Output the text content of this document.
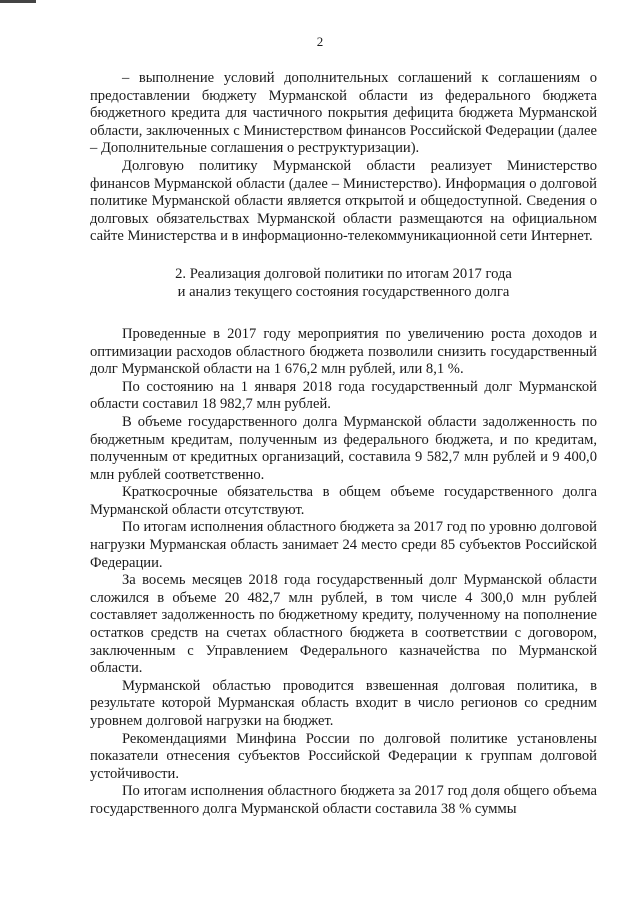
2

– выполнение условий дополнительных соглашений к соглашениям о предоставлении бюджету Мурманской области из федерального бюджета бюджетного кредита для частичного покрытия дефицита бюджета Мурманской области, заключенных с Министерством финансов Российской Федерации (далее – Дополнительные соглашения о реструктуризации).

Долговую политику Мурманской области реализует Министерство финансов Мурманской области (далее – Министерство). Информация о долговой политике Мурманской области является открытой и общедоступной. Сведения о долговых обязательствах Мурманской области размещаются на официальном сайте Министерства и в информационно-телекоммуникационной сети Интернет.

2. Реализация долговой политики по итогам 2017 года

и анализ текущего состояния государственного долга

Проведенные в 2017 году мероприятия по увеличению роста доходов и оптимизации расходов областного бюджета позволили снизить государственный долг Мурманской области на 1 676,2 млн рублей, или 8,1 %.

По состоянию на 1 января 2018 года государственный долг Мурманской области составил 18 982,7 млн рублей.

В объеме государственного долга Мурманской области задолженность по бюджетным кредитам, полученным из федерального бюджета, и по кредитам, полученным от кредитных организаций, составила 9 582,7 млн рублей и 9 400,0 млн рублей соответственно.

Краткосрочные обязательства в общем объеме государственного долга Мурманской области отсутствуют.

По итогам исполнения областного бюджета за 2017 год по уровню долговой нагрузки Мурманская область занимает 24 место среди 85 субъектов Российской Федерации.

За восемь месяцев 2018 года государственный долг Мурманской области сложился в объеме 20 482,7 млн рублей, в том числе 4 300,0 млн рублей составляет задолженность по бюджетному кредиту, полученному на пополнение остатков средств на счетах областного бюджета в соответствии с договором, заключенным с Управлением Федерального казначейства по Мурманской области.

Мурманской областью проводится взвешенная долговая политика, в результате которой Мурманская область входит в число регионов со средним уровнем долговой нагрузки на бюджет.

Рекомендациями Минфина России по долговой политике установлены показатели отнесения субъектов Российской Федерации к группам долговой устойчивости.

По итогам исполнения областного бюджета за 2017 год доля общего объема государственного долга Мурманской области составила 38 % суммы
